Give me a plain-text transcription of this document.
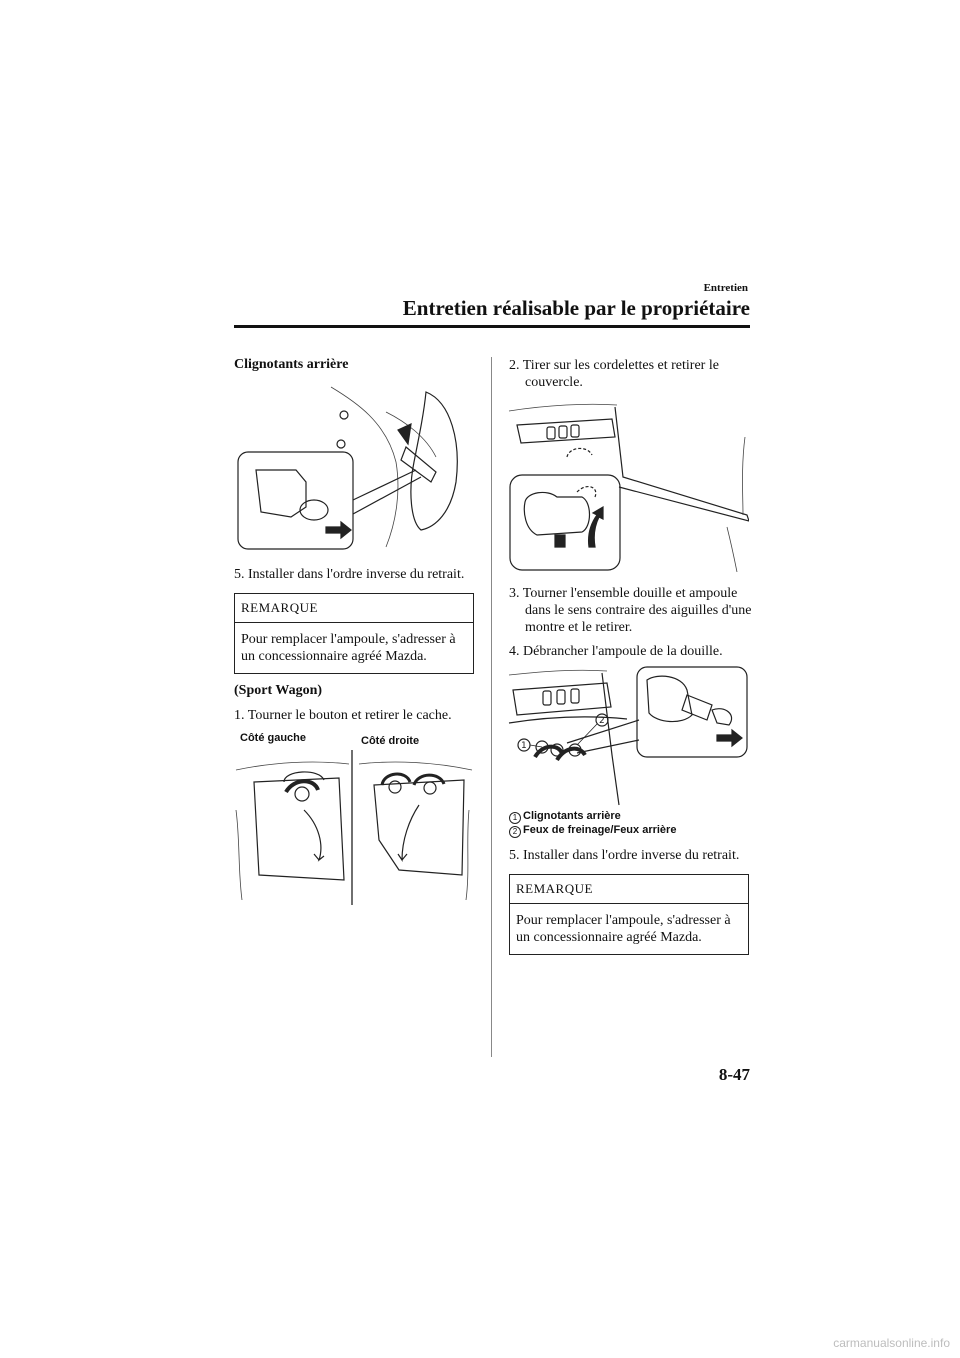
Entretien
Entretien réalisable par le propriétaire
Clignotants arrière
5. Installer dans l'ordre inverse du retrait.
REMARQUE
Pour remplacer l'ampoule, s'adresser à un concessionnaire agréé Mazda.
(Sport Wagon)
1. Tourner le bouton et retirer le cache.
Côté gauche	Côté droite
2. Tirer sur les cordelettes et retirer le couvercle.
3. Tourner l'ensemble douille et ampoule dans le sens contraire des aiguilles d'une montre et le retirer.
4. Débrancher l'ampoule de la douille.
1
2
1 Clignotants arrière
2 Feux de freinage/Feux arrière
5. Installer dans l'ordre inverse du retrait.
REMARQUE
Pour remplacer l'ampoule, s'adresser à un concessionnaire agréé Mazda.
8-47
carmanualsonline.info
